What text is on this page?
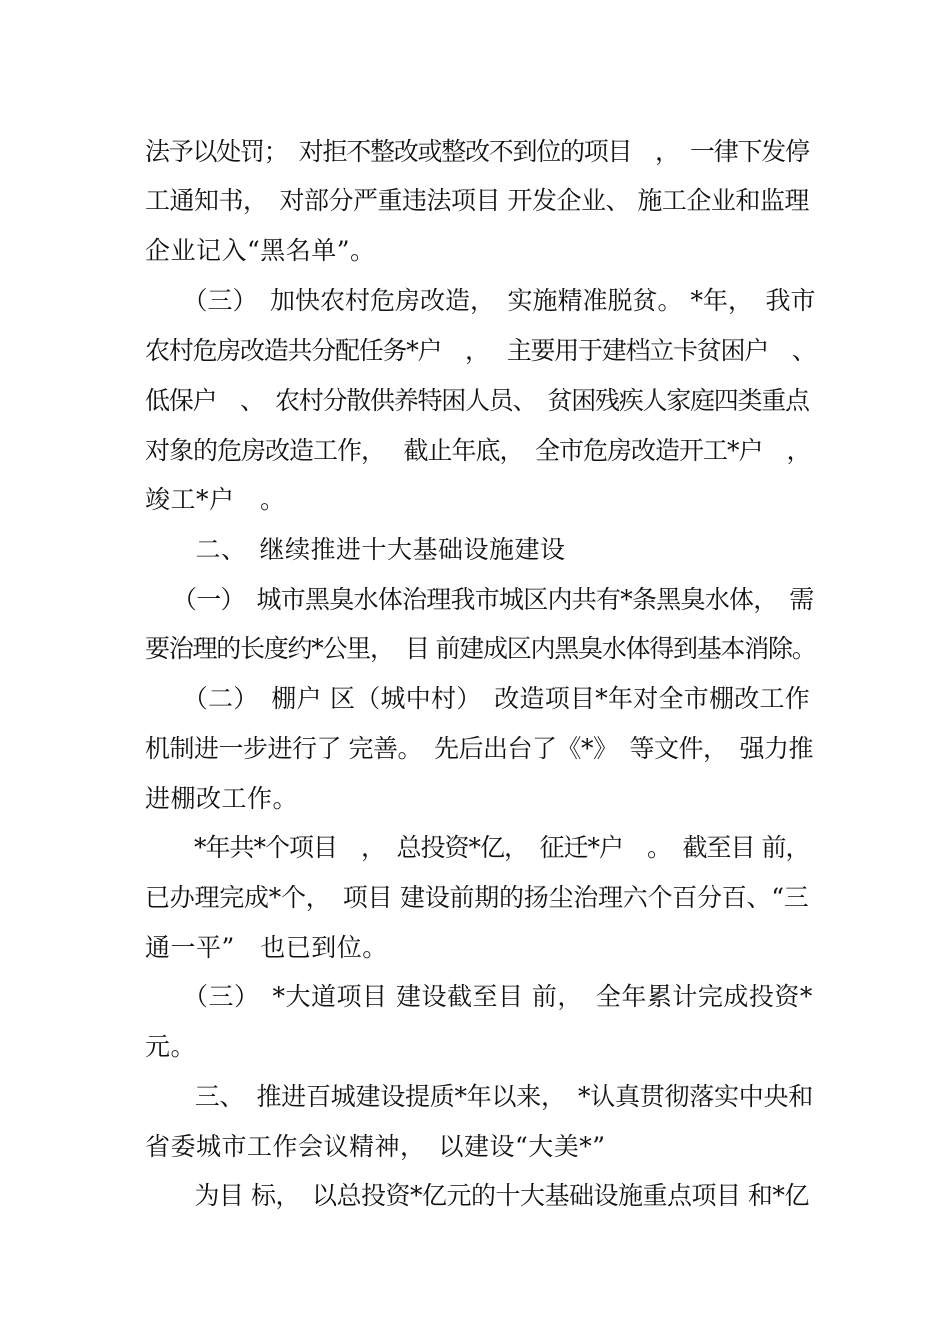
法予以处罚；　对拒不整改或整改不到位的项目　，　一律下发停
工通知书，　对部分严重违法项目 开发企业、 施工企业和监理
企业记入“黑名单”。
　（三）　加快农村危房改造，　实施精准脱贫。 *年，　我市
农村危房改造共分配任务*户　，　 主要用于建档立卡贫困户　、
低保户　、　农村分散供养特困人员、　贫困残疾人家庭四类重点
对象的危房改造工作，　 截止年底，　全市危房改造开工*户　，
竣工*户　。
　二、　继续推进十大基础设施建设
（一）　城市黑臭水体治理我市城区内共有*条黑臭水体，　需
要治理的长度约*公里，　目 前建成区内黑臭水体得到基本消除。
　（二）　棚户 区（城中村）　改造项目*年对全市棚改工作
机制进一步进行了 完善。　先后出台了《*》　等文件，　强力推
进棚改工作。
　*年共*个项目　，　总投资*亿，　征迁*户　。　截至目 前，
已办理完成*个，　项目 建设前期的扬尘治理六个百分百、“三
通一平”　也已到位。
　（三）　*大道项目 建设截至目 前，　全年累计完成投资*
元。
　三、　推进百城建设提质*年以来，　*认真贯彻落实中央和
省委城市工作会议精神，　以建设“大美*”
　为目 标，　以总投资*亿元的十大基础设施重点项目 和*亿
